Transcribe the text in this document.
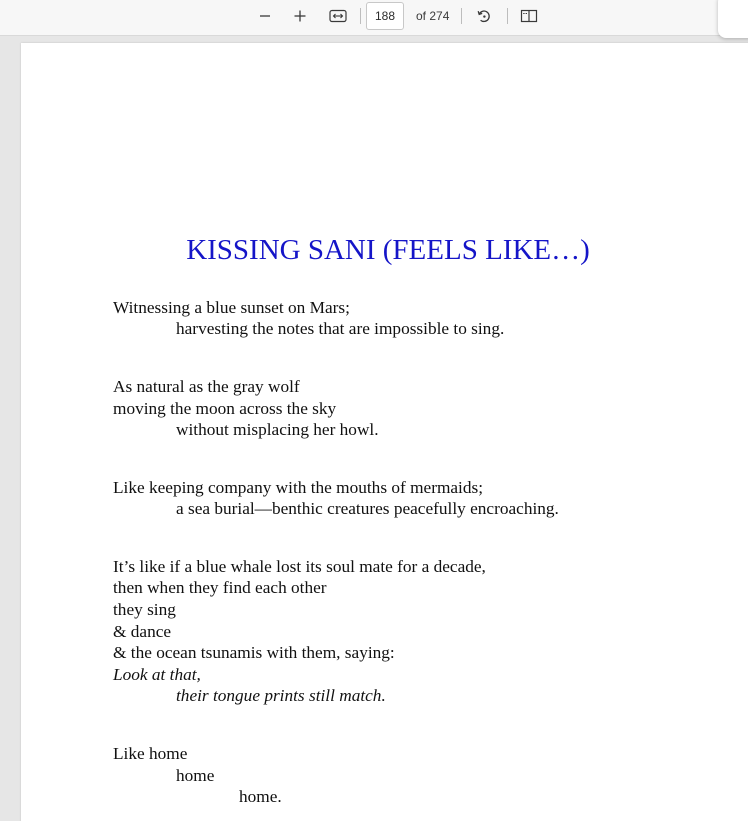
188
of 274
KISSING SANI (FEELS LIKE…)
Witnessing a blue sunset on Mars;
harvesting the notes that are impossible to sing.
As natural as the gray wolf
moving the moon across the sky
without misplacing her howl.
Like keeping company with the mouths of mermaids;
a sea burial—benthic creatures peacefully encroaching.
It’s like if a blue whale lost its soul mate for a decade,
then when they find each other
they sing
& dance
& the ocean tsunamis with them, saying:
Look at that,
their tongue prints still match.
Like home
home
home.
